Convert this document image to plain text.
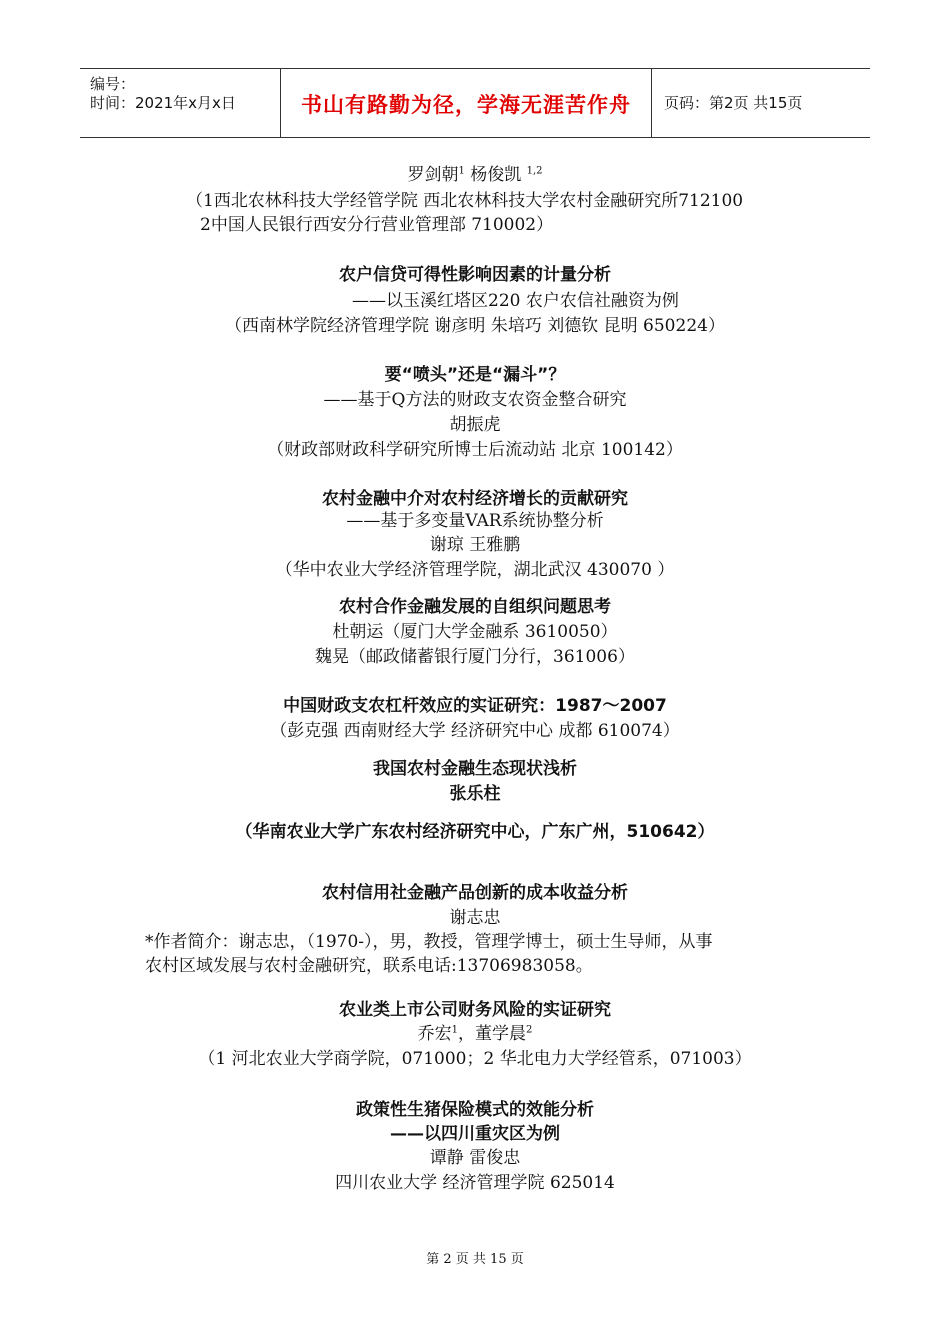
编号：
时间：2021年x月x日	书山有路勤为径，学海无涯苦作舟	页码：第2页 共15页
罗剑朝$^1$ 杨俊凯 $^{1,2}$
（1西北农林科技大学经管学院 西北农林科技大学农村金融研究所712100
2中国人民银行西安分行营业管理部 710002）
农户信贷可得性影响因素的计量分析
——以玉溪红塔区220 农户农信社融资为例
（西南林学院经济管理学院 谢彦明 朱培巧 刘德钦 昆明 650224）
要“喷头”还是“漏斗”？
——基于Q方法的财政支农资金整合研究
胡振虎
（财政部财政科学研究所博士后流动站 北京 100142）
农村金融中介对农村经济增长的贡献研究
——基于多变量VAR系统协整分析
谢琼 王雅鹏
（华中农业大学经济管理学院，湖北武汉 430070 ）
农村合作金融发展的自组织问题思考
杜朝运（厦门大学金融系 3610050）
魏晃（邮政储蓄银行厦门分行，361006）
中国财政支农杠杆效应的实证研究：1987～2007
（彭克强 西南财经大学 经济研究中心 成都 610074）
我国农村金融生态现状浅析
张乐柱
（华南农业大学广东农村经济研究中心，广东广州，510642）
农村信用社金融产品创新的成本收益分析
谢志忠
*作者简介：谢志忠，（1970-），男，教授，管理学博士，硕士生导师，从事
农村区域发展与农村金融研究，联系电话:13706983058。
农业类上市公司财务风险的实证研究
乔宏$^1$，董学晨$^2$
（1 河北农业大学商学院，071000；2 华北电力大学经管系，071003）
政策性生猪保险模式的效能分析
——以四川重灾区为例
谭静 雷俊忠
四川农业大学 经济管理学院 625014
第 2 页 共 15 页
